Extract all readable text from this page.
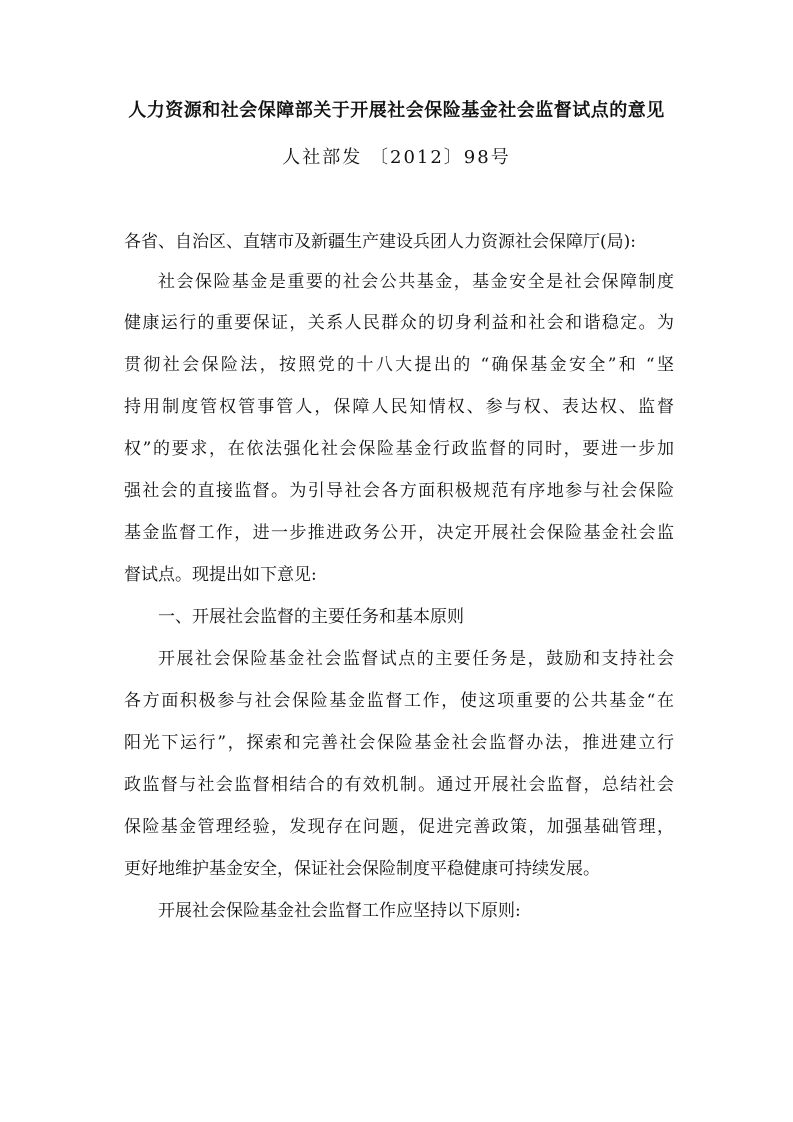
人力资源和社会保障部关于开展社会保险基金社会监督试点的意见
人社部发 〔2012〕98号
各省、自治区、直辖市及新疆生产建设兵团人力资源社会保障厅(局):
社会保险基金是重要的社会公共基金，基金安全是社会保障制度
健康运行的重要保证，关系人民群众的切身利益和社会和谐稳定。为
贯彻社会保险法，按照党的十八大提出的 “确保基金安全”和 “坚
持用制度管权管事管人，保障人民知情权、参与权、表达权、监督
权”的要求，在依法强化社会保险基金行政监督的同时，要进一步加
强社会的直接监督。为引导社会各方面积极规范有序地参与社会保险
基金监督工作，进一步推进政务公开，决定开展社会保险基金社会监
督试点。现提出如下意见:
一、开展社会监督的主要任务和基本原则
开展社会保险基金社会监督试点的主要任务是，鼓励和支持社会
各方面积极参与社会保险基金监督工作，使这项重要的公共基金“在
阳光下运行”，探索和完善社会保险基金社会监督办法，推进建立行
政监督与社会监督相结合的有效机制。通过开展社会监督，总结社会
保险基金管理经验，发现存在问题，促进完善政策，加强基础管理，
更好地维护基金安全，保证社会保险制度平稳健康可持续发展。
开展社会保险基金社会监督工作应坚持以下原则:
